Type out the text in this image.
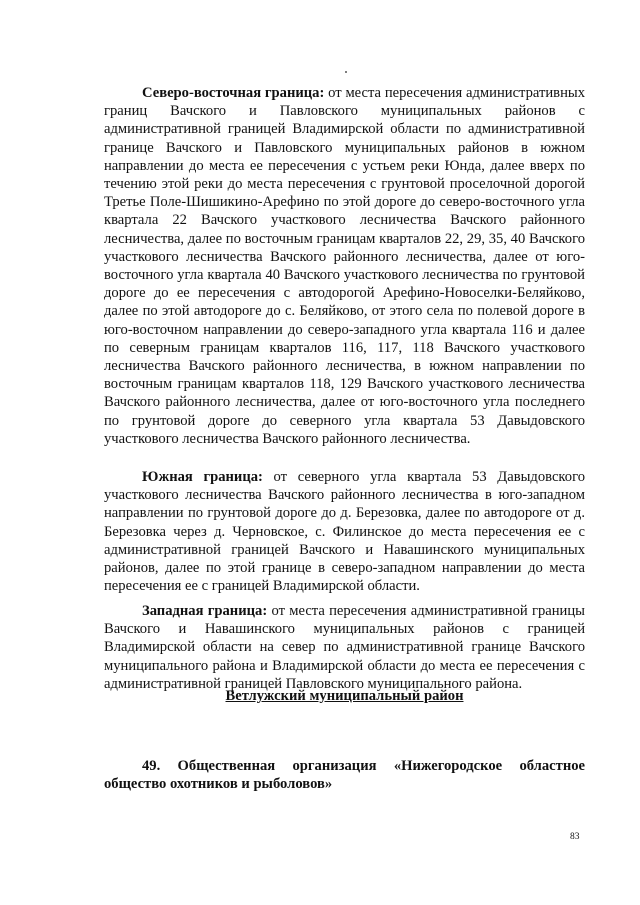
Северо-восточная граница: от места пересечения административных границ Вачского и Павловского муниципальных районов с административной границей Владимирской области по административной границе Вачского и Павловского муниципальных районов в южном направлении до места ее пересечения с устьем реки Юнда, далее вверх по течению этой реки до места пересечения с грунтовой проселочной дорогой Третье Поле-Шишикино-Арефино по этой дороге до северо-восточного угла квартала 22 Вачского участкового лесничества Вачского районного лесничества, далее по восточным границам кварталов 22, 29, 35, 40 Вачского участкового лесничества Вачского районного лесничества, далее от юго-восточного угла квартала 40 Вачского участкового лесничества по грунтовой дороге до ее пересечения с автодорогой Арефино-Новоселки-Беляйково, далее по этой автодороге до с. Беляйково, от этого села по полевой дороге в юго-восточном направлении до северо-западного угла квартала 116 и далее по северным границам кварталов 116, 117, 118 Вачского участкового лесничества Вачского районного лесничества, в южном направлении по восточным границам кварталов 118, 129 Вачского участкового лесничества Вачского районного лесничества, далее от юго-восточного угла последнего по грунтовой дороге до северного угла квартала 53 Давыдовского участкового лесничества Вачского районного лесничества.

Южная граница: от северного угла квартала 53 Давыдовского участкового лесничества Вачского районного лесничества в юго-западном направлении по грунтовой дороге до д. Березовка, далее по автодороге от д. Березовка через д. Черновское, с. Филинское до места пересечения ее с административной границей Вачского и Навашинского муниципальных районов, далее по этой границе в северо-западном направлении до места пересечения ее с границей Владимирской области.

Западная граница: от места пересечения административной границы Вачского и Навашинского муниципальных районов с границей Владимирской области на север по административной границе Вачского муниципального района и Владимирской области до места ее пересечения с административной границей Павловского муниципального района.

Ветлужский муниципальный район

49. Общественная организация «Нижегородское областное общество охотников и рыболовов»

83
